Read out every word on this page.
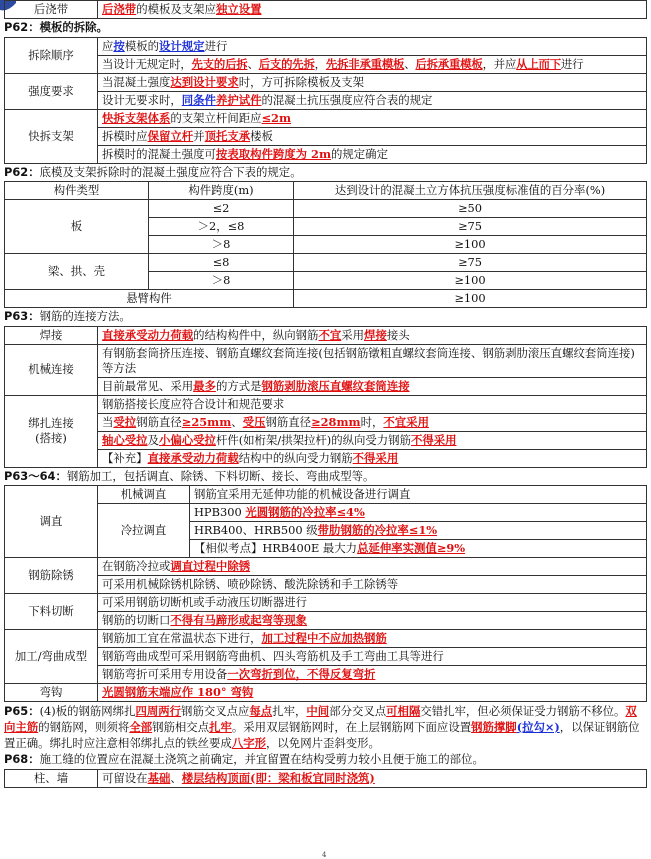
后浇带	后浇带的模板及支架应独立设置
P62：模板的拆除。
拆除顺序	应按模板的设计规定进行
	当设计无规定时，先支的后拆、后支的先拆，先拆非承重模板、后拆承重模板，并应从上而下进行
强度要求	当混凝土强度达到设计要求时，方可拆除模板及支架
	设计无要求时，同条件养护试件的混凝土抗压强度应符合表的规定
快拆支架	快拆支架体系的支架立杆间距应≤2m
	拆模时应保留立杆并顶托支承楼板
	拆模时的混凝土强度可按表取构件跨度为 2m的规定确定
P62：底模及支架拆除时的混凝土强度应符合下表的规定。
构件类型	构件跨度(m)	达到设计的混凝土立方体抗压强度标准值的百分率(%)
板	≤2	≥50
	＞2，≤8	≥75
	＞8	≥100
梁、拱、壳	≤8	≥75
	＞8	≥100
悬臂构件		≥100
P63：钢筋的连接方法。
焊接	直接承受动力荷载的结构构件中，纵向钢筋不宜采用焊接接头
机械连接	有钢筋套筒挤压连接、钢筋直螺纹套筒连接(包括钢筋镦粗直螺纹套筒连接、钢筋剥肋滚压直螺纹套筒连接)等方法
	目前最常见、采用最多的方式是钢筋剥肋滚压直螺纹套筒连接

绑扎连接
(搭接)	钢筋搭接长度应符合设计和规范要求
	当受拉钢筋直径≥25mm、受压钢筋直径≥28mm时，不宜采用
	轴心受拉及小偏心受拉杆件(如桁架/拱架拉杆)的纵向受力钢筋不得采用
	【补充】直接承受动力荷载结构中的纵向受力钢筋不得采用
P63～64：钢筋加工，包括调直、除锈、下料切断、接长、弯曲成型等。
调直	机械调直	钢筋宜采用无延伸功能的机械设备进行调直
	冷拉调直	HPB300 光圆钢筋的冷拉率≤4%
		HRB400、HRB500 级带肋钢筋的冷拉率≤1%
		【相似考点】HRB400E 最大力总延伸率实测值≥9%
钢筋除锈	在钢筋冷拉或调直过程中除锈	
	可采用机械除锈机除锈、喷砂除锈、酸洗除锈和手工除锈等	
下料切断	可采用钢筋切断机或手动液压切断器进行	
	钢筋的切断口不得有马蹄形或起弯等现象	
加工/弯曲成型	钢筋加工宜在常温状态下进行，加工过程中不应加热钢筋	
	钢筋弯曲成型可采用钢筋弯曲机、四头弯筋机及手工弯曲工具等进行	
	钢筋弯折可采用专用设备一次弯折到位，不得反复弯折	
弯钩	光圆钢筋末端应作 180° 弯钩	
P65：(4)板的钢筋网绑扎四周两行钢筋交叉点应每点扎牢，中间部分交叉点可相隔交错扎牢，但必须保证受力钢筋不移位。双向主筋的钢筋网，则须将全部钢筋相交点扎牢。采用双层钢筋网时，在上层钢筋网下面应设置钢筋撑脚(拉勾×)，以保证钢筋位置正确。绑扎时应注意相邻绑扎点的铁丝要成八字形，以免网片歪斜变形。
P68：施工缝的位置应在混凝土浇筑之前确定，并宜留置在结构受剪力较小且便于施工的部位。
柱、墙	可留设在基础、楼层结构顶面(即：梁和板宜同时浇筑)
4
